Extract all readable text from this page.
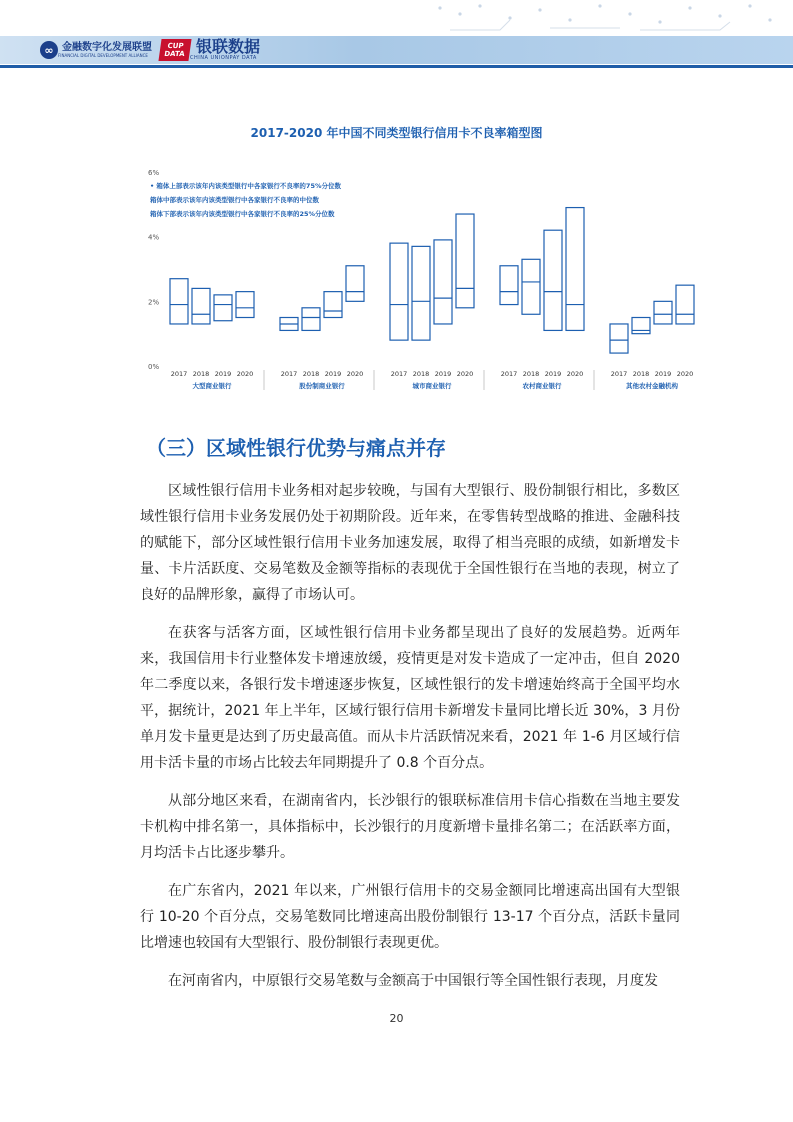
∞ 金融数字化发展联盟
FINANCIAL DIGITAL DEVELOPMENT ALLIANCE
CUP
DATA 银联数据
CHINA UNIONPAY DATA
2017-2020 年中国不同类型银行信用卡不良率箱型图
6%
4%
2%
0%
• 箱体上部表示该年内该类型银行中各家银行不良率的75%分位数
箱体中部表示该年内该类型银行中各家银行不良率的中位数
箱体下部表示该年内该类型银行中各家银行不良率的25%分位数
2017 2018 2019 2020
大型商业银行
2017 2018 2019 2020
股份制商业银行
2017 2018 2019 2020
城市商业银行
2017 2018 2019 2020
农村商业银行
2017 2018 2019 2020
其他农村金融机构
（三）区域性银行优势与痛点并存

区域性银行信用卡业务相对起步较晚，与国有大型银行、股份制银行相比，多数区域性银行信用卡业务发展仍处于初期阶段。近年来，在零售转型战略的推进、金融科技的赋能下，部分区域性银行信用卡业务加速发展，取得了相当亮眼的成绩，如新增发卡量、卡片活跃度、交易笔数及金额等指标的表现优于全国性银行在当地的表现，树立了良好的品牌形象，赢得了市场认可。

在获客与活客方面，区域性银行信用卡业务都呈现出了良好的发展趋势。近两年来，我国信用卡行业整体发卡增速放缓，疫情更是对发卡造成了一定冲击，但自 2020 年二季度以来，各银行发卡增速逐步恢复，区域性银行的发卡增速始终高于全国平均水平，据统计，2021 年上半年，区域行银行信用卡新增发卡量同比增长近 30%，3 月份单月发卡量更是达到了历史最高值。而从卡片活跃情况来看，2021 年 1-6 月区域行信用卡活卡量的市场占比较去年同期提升了 0.8 个百分点。

从部分地区来看，在湖南省内，长沙银行的银联标准信用卡信心指数在当地主要发卡机构中排名第一，具体指标中，长沙银行的月度新增卡量排名第二；在活跃率方面，月均活卡占比逐步攀升。

在广东省内，2021 年以来，广州银行信用卡的交易金额同比增速高出国有大型银行 10-20 个百分点，交易笔数同比增速高出股份制银行 13-17 个百分点，活跃卡量同比增速也较国有大型银行、股份制银行表现更优。

在河南省内，中原银行交易笔数与金额高于中国银行等全国性银行表现，月度发

20
